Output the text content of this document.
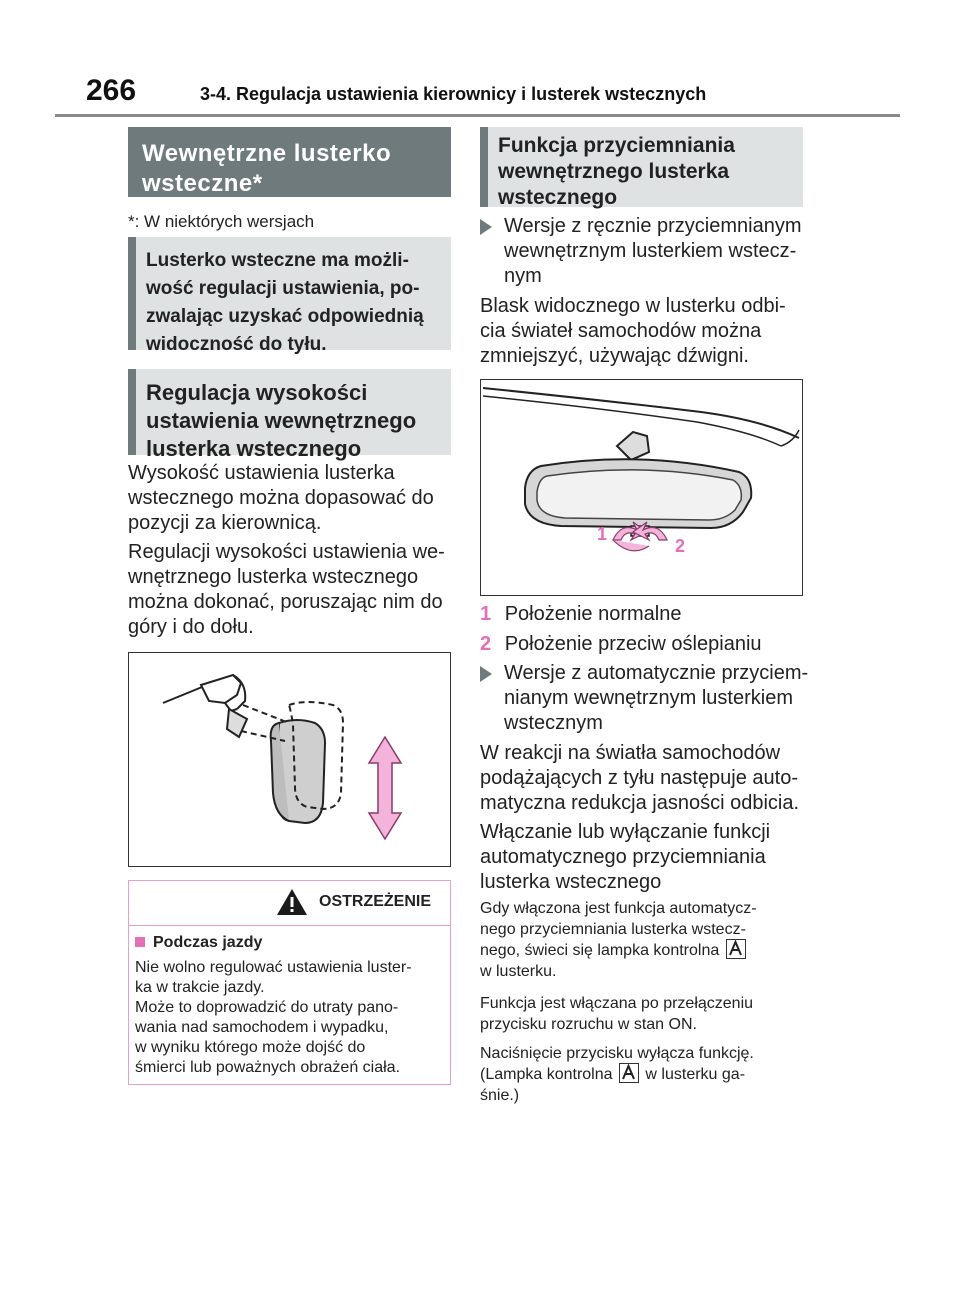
266	3-4. Regulacja ustawienia kierownicy i lusterek wstecznych
Wewnętrzne lusterko
wsteczne*
*: W niektórych wersjach
Lusterko wsteczne ma możli-
wość regulacji ustawienia, po-
zwalając uzyskać odpowiednią
widoczność do tyłu.
Regulacja wysokości
ustawienia wewnętrznego
lusterka wstecznego
Wysokość ustawienia lusterka
wstecznego można dopasować do
pozycji za kierownicą.
Regulacji wysokości ustawienia we-
wnętrznego lusterka wstecznego
można dokonać, poruszając nim do
góry i do dołu.
OSTRZEŻENIE
Podczas jazdy
Nie wolno regulować ustawienia luster-
ka w trakcie jazdy.
Może to doprowadzić do utraty pano-
wania nad samochodem i wypadku,
w wyniku którego może dojść do
śmierci lub poważnych obrażeń ciała.
Funkcja przyciemniania
wewnętrznego lusterka
wstecznego
Wersje z ręcznie przyciemnianym
wewnętrznym lusterkiem wstecz-
nym
Blask widocznego w lusterku odbi-
cia świateł samochodów można
zmniejszyć, używając dźwigni.
1
2
1 Położenie normalne
2 Położenie przeciw oślepianiu
Wersje z automatycznie przyciem-
nianym wewnętrznym lusterkiem
wstecznym
W reakcji na światła samochodów
podążających z tyłu następuje auto-
matyczna redukcja jasności odbicia.
Włączanie lub wyłączanie funkcji
automatycznego przyciemniania
lusterka wstecznego
Gdy włączona jest funkcja automatycz-
nego przyciemniania lusterka wstecz-
nego, świeci się lampka kontrolna
w lusterku.
Funkcja jest włączana po przełączeniu
przycisku rozruchu w stan ON.
Naciśnięcie przycisku wyłącza funkcję.
(Lampka kontrolna w lusterku ga-
śnie.)
